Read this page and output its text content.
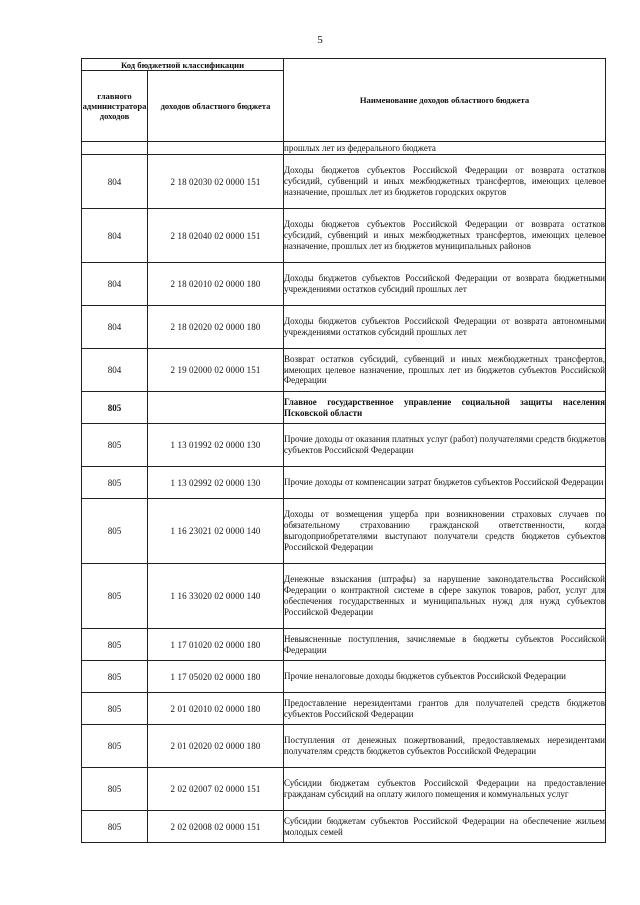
5
Код бюджетной классификации		Наименование доходов областного бюджета
главного администратора доходов	доходов областного бюджета	
		прошлых лет из федерального бюджета
804	2 18 02030 02 0000 151	Доходы бюджетов субъектов Российской Федерации от возврата остатков субсидий, субвенций и иных межбюджетных трансфертов, имеющих целевое назначение, прошлых лет из бюджетов городских округов
804	2 18 02040 02 0000 151	Доходы бюджетов субъектов Российской Федерации от возврата остатков субсидий, субвенций и иных межбюджетных трансфертов, имеющих целевое назначение, прошлых лет из бюджетов муниципальных районов
804	2 18 02010 02 0000 180	Доходы бюджетов субъектов Российской Федерации от возврата бюджетными учреждениями остатков субсидий прошлых лет
804	2 18 02020 02 0000 180	Доходы бюджетов субъектов Российской Федерации от возврата автономными учреждениями остатков субсидий прошлых лет
804	2 19 02000 02 0000 151	Возврат остатков субсидий, субвенций и иных межбюджетных трансфертов, имеющих целевое назначение, прошлых лет из бюджетов субъектов Российской Федерации
805		Главное государственное управление социальной защиты населения Псковской области
805	1 13 01992 02 0000 130	Прочие доходы от оказания платных услуг (работ) получателями средств бюджетов субъектов Российской Федерации
805	1 13 02992 02 0000 130	Прочие доходы от компенсации затрат бюджетов субъектов Российской Федерации
805	1 16 23021 02 0000 140	Доходы от возмещения ущерба при возникновении страховых случаев по обязательному страхованию гражданской ответственности, когда выгодоприобретателями выступают получатели средств бюджетов субъектов Российской Федерации
805	1 16 33020 02 0000 140	Денежные взыскания (штрафы) за нарушение законодательства Российской Федерации о контрактной системе в сфере закупок товаров, работ, услуг для обеспечения государственных и муниципальных нужд для нужд субъектов Российской Федерации
805	1 17 01020 02 0000 180	Невыясненные поступления, зачисляемые в бюджеты субъектов Российской Федерации
805	1 17 05020 02 0000 180	Прочие неналоговые доходы бюджетов субъектов Российской Федерации
805	2 01 02010 02 0000 180	Предоставление нерезидентами грантов для получателей средств бюджетов субъектов Российской Федерации
805	2 01 02020 02 0000 180	Поступления от денежных пожертвований, предоставляемых нерезидентами получателям средств бюджетов субъектов Российской Федерации
805	2 02 02007 02 0000 151	Субсидии бюджетам субъектов Российской Федерации на предоставление гражданам субсидий на оплату жилого помещения и коммунальных услуг
805	2 02 02008 02 0000 151	Субсидии бюджетам субъектов Российской Федерации на обеспечение жильем молодых семей
